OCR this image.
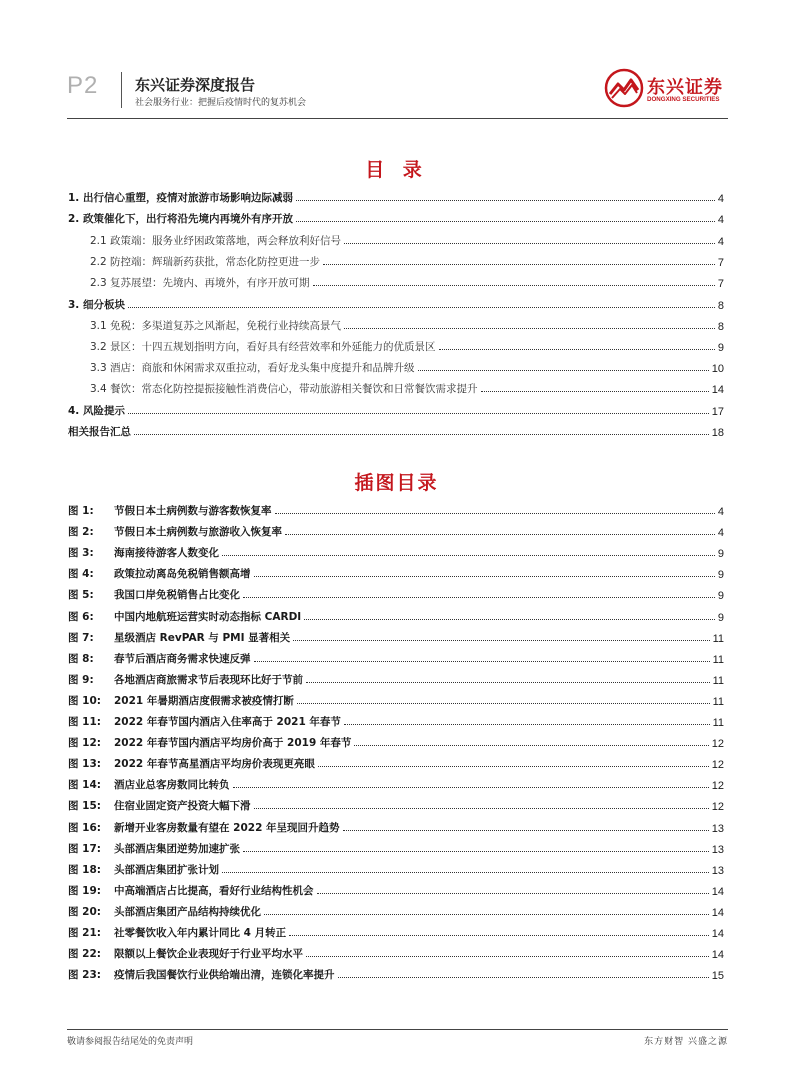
P2 东兴证券深度报告
社会服务行业：把握后疫情时代的复苏机会
东兴证券
DONGXING SECURITIES
目 录
1. 出行信心重塑，疫情对旅游市场影响边际减弱	4
2. 政策催化下，出行将沿先境内再境外有序开放	4
2.1 政策端：服务业纾困政策落地，两会释放利好信号	4
2.2 防控端：辉瑞新药获批，常态化防控更进一步	7
2.3 复苏展望：先境内、再境外，有序开放可期	7
3. 细分板块	8
3.1 免税：多渠道复苏之风渐起，免税行业持续高景气	8
3.2 景区：十四五规划指明方向，看好具有经营效率和外延能力的优质景区	9
3.3 酒店：商旅和休闲需求双重拉动，看好龙头集中度提升和品牌升级	10
3.4 餐饮：常态化防控提振接触性消费信心，带动旅游相关餐饮和日常餐饮需求提升	14
4. 风险提示	17
相关报告汇总	18
插图目录
图 1:	节假日本土病例数与游客数恢复率	4
图 2:	节假日本土病例数与旅游收入恢复率	4
图 3:	海南接待游客人数变化	9
图 4:	政策拉动离岛免税销售额高增	9
图 5:	我国口岸免税销售占比变化	9
图 6:	中国内地航班运营实时动态指标 CARDI	9
图 7:	星级酒店 RevPAR 与 PMI 显著相关	11
图 8:	春节后酒店商务需求快速反弹	11
图 9:	各地酒店商旅需求节后表现环比好于节前	11
图 10:	2021 年暑期酒店度假需求被疫情打断	11
图 11:	2022 年春节国内酒店入住率高于 2021 年春节	11
图 12:	2022 年春节国内酒店平均房价高于 2019 年春节	12
图 13:	2022 年春节高星酒店平均房价表现更亮眼	12
图 14:	酒店业总客房数同比转负	12
图 15:	住宿业固定资产投资大幅下滑	12
图 16:	新增开业客房数量有望在 2022 年呈现回升趋势	13
图 17:	头部酒店集团逆势加速扩张	13
图 18:	头部酒店集团扩张计划	13
图 19:	中高端酒店占比提高，看好行业结构性机会	14
图 20:	头部酒店集团产品结构持续优化	14
图 21:	社零餐饮收入年内累计同比 4 月转正	14
图 22:	限额以上餐饮企业表现好于行业平均水平	14
图 23:	疫情后我国餐饮行业供给端出清，连锁化率提升	15
敬请参阅报告结尾处的免责声明	东方财智 兴盛之源
